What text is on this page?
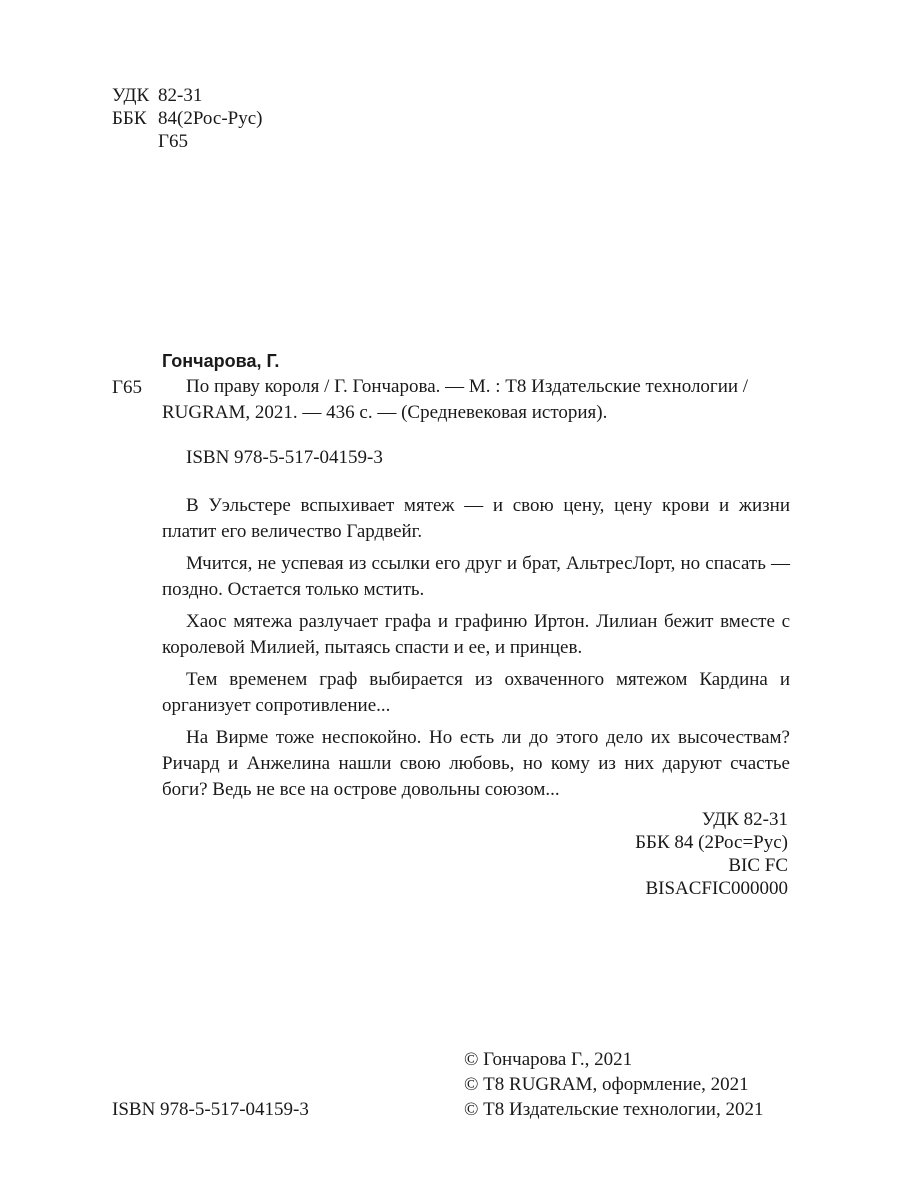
УДК 82-31
ББК 84(2Рос-Рус)
Г65
Г65
Гончарова, Г.
По праву короля / Г. Гончарова. — М. : Т8 Издательские технологии /
RUGRAM, 2021. — 436 с. — (Средневековая история).
ISBN 978-5-517-04159-3

В Уэльстере вспыхивает мятеж — и свою цену, цену крови и жизни платит его величество Гардвейг.

Мчится, не успевая из ссылки его друг и брат, АльтресЛорт, но спасать — поздно. Остается только мстить.

Хаос мятежа разлучает графа и графиню Иртон. Лилиан бежит вместе с королевой Милией, пытаясь спасти и ее, и принцев.

Тем временем граф выбирается из охваченного мятежом Кардина и организует сопротивление...

На Вирме тоже неспокойно. Но есть ли до этого дело их высочествам? Ричард и Анжелина нашли свою любовь, но кому из них даруют счастье боги? Ведь не все на острове довольны союзом...

УДК 82-31
ББК 84 (2Рос=Рус)
BIC FC
BISACFIC000000
ISBN 978-5-517-04159-3
© Гончарова Г., 2021
© Т8 RUGRAM, оформление, 2021
© Т8 Издательские технологии, 2021
